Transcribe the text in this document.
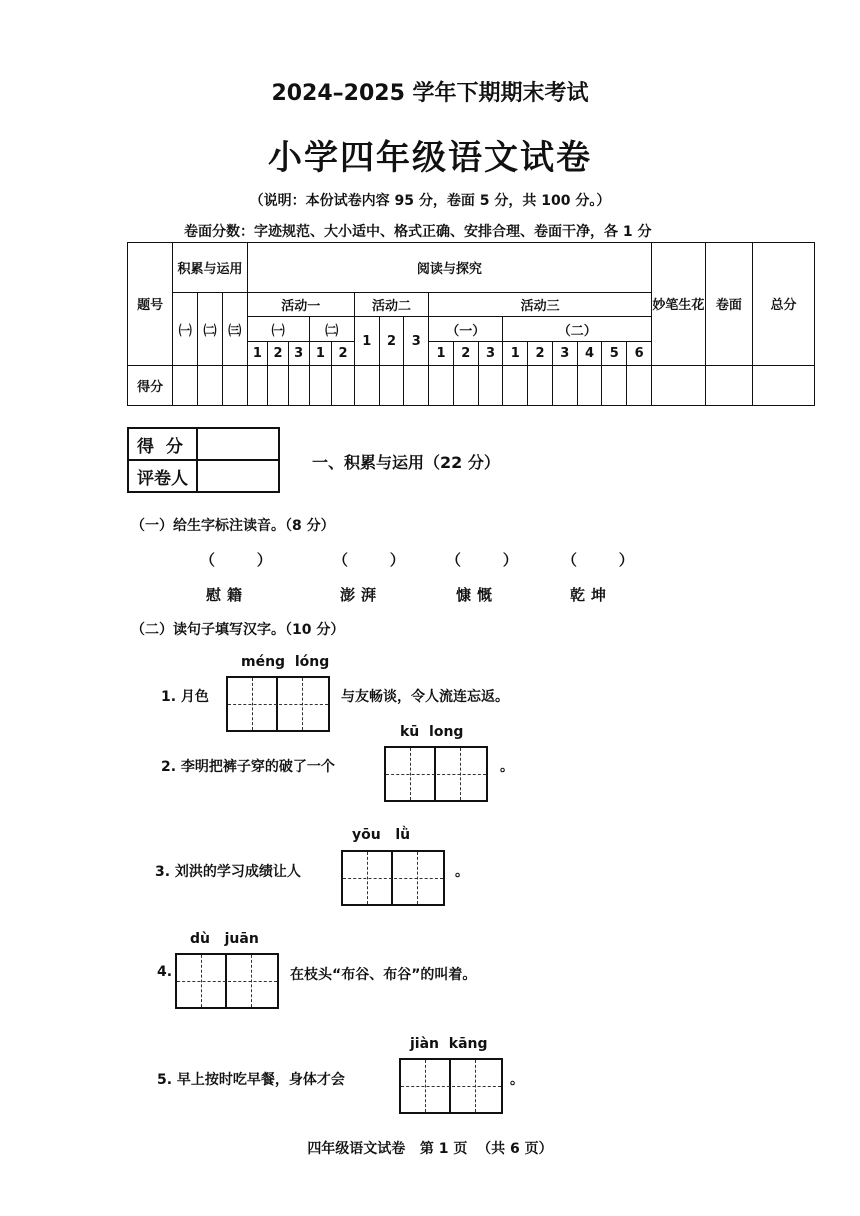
2024–2025 学年下期期末考试
小学四年级语文试卷
（说明：本份试卷内容 95 分，卷面 5 分，共 100 分。）
卷面分数：字迹规范、大小适中、格式正确、安排合理、卷面干净，各 1 分
题号	积累与运用			阅读与探究																	妙笔生花	卷面	总分
	㈠	㈡	㈢	活动一					活动二			活动三											
				㈠			㈡		1	2	3	（一）			（二）								
				1	2	3	1	2				1	2	3	1	2	3	4	5	6			
得分																							
得  分	
评卷人	
一、积累与运用（22 分）
（一）给生字标注读音。（8 分）
（        ）	（        ）	（        ）	（        ）
慰籍	澎湃	慷慨	乾坤
（二）读句子填写汉字。（10 分）
méng  lóng
1. 月色	与友畅谈，令人流连忘返。
kū  long
2. 李明把裤子穿的破了一个	。
yōu   lǜ
3. 刘洪的学习成绩让人	。
dù   juān
4.	在枝头“布谷、布谷”的叫着。
jiàn  kāng
5. 早上按时吃早餐，身体才会	。
四年级语文试卷   第 1 页  （共 6 页）
